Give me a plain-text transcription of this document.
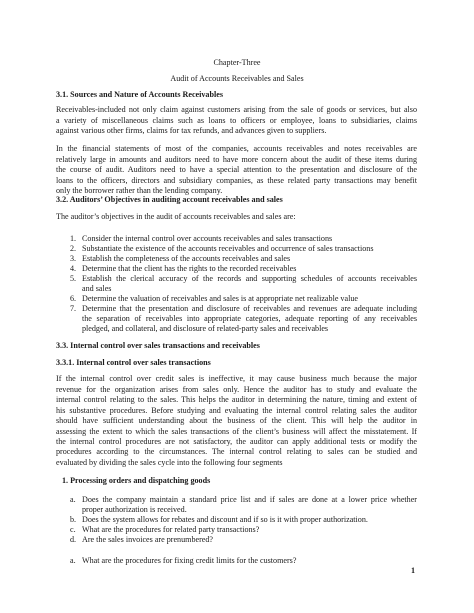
Chapter-Three
Audit of Accounts Receivables and Sales
3.1. Sources and Nature of Accounts Receivables
Receivables-included not only claim against customers arising from the sale of goods or services, but also
a variety of miscellaneous claims such as loans to officers or employee, loans to subsidiaries, claims
against various other firms, claims for tax refunds, and advances given to suppliers.
In the financial statements of most of the companies, accounts receivables and notes receivables are
relatively large in amounts and auditors need to have more concern about the audit of these items during
the course of audit. Auditors need to have a special attention to the presentation and disclosure of the
loans to the officers, directors and subsidiary companies, as these related party transactions may benefit
only the borrower rather than the lending company.
3.2. Auditors’ Objectives in auditing account receivables and sales
The auditor’s objectives in the audit of accounts receivables and sales are:
1. Consider the internal control over accounts receivables and sales transactions
2. Substantiate the existence of the accounts receivables and occurrence of sales transactions
3. Establish the completeness of the accounts receivables and sales
4. Determine that the client has the rights to the recorded receivables
5. Establish the clerical accuracy of the records and supporting schedules of accounts receivables
and sales
6. Determine the valuation of receivables and sales is at appropriate net realizable value
7. Determine that the presentation and disclosure of receivables and revenues are adequate including
the separation of receivables into appropriate categories, adequate reporting of any receivables
pledged, and collateral, and disclosure of related-party sales and receivables
3.3. Internal control over sales transactions and receivables
3.3.1. Internal control over sales transactions
If the internal control over credit sales is ineffective, it may cause business much because the major
revenue for the organization arises from sales only. Hence the auditor has to study and evaluate the
internal control relating to the sales. This helps the auditor in determining the nature, timing and extent of
his substantive procedures. Before studying and evaluating the internal control relating sales the auditor
should have sufficient understanding about the business of the client. This will help the auditor in
assessing the extent to which the sales transactions of the client’s business will affect the misstatement. If
the internal control procedures are not satisfactory, the auditor can apply additional tests or modify the
procedures according to the circumstances. The internal control relating to sales can be studied and
evaluated by dividing the sales cycle into the following four segments
1. Processing orders and dispatching goods
a. Does the company maintain a standard price list and if sales are done at a lower price whether
proper authorization is received.
b. Does the system allows for rebates and discount and if so is it with proper authorization.
c. What are the procedures for related party transactions?
d. Are the sales invoices are prenumbered?
a. What are the procedures for fixing credit limits for the customers?
1
